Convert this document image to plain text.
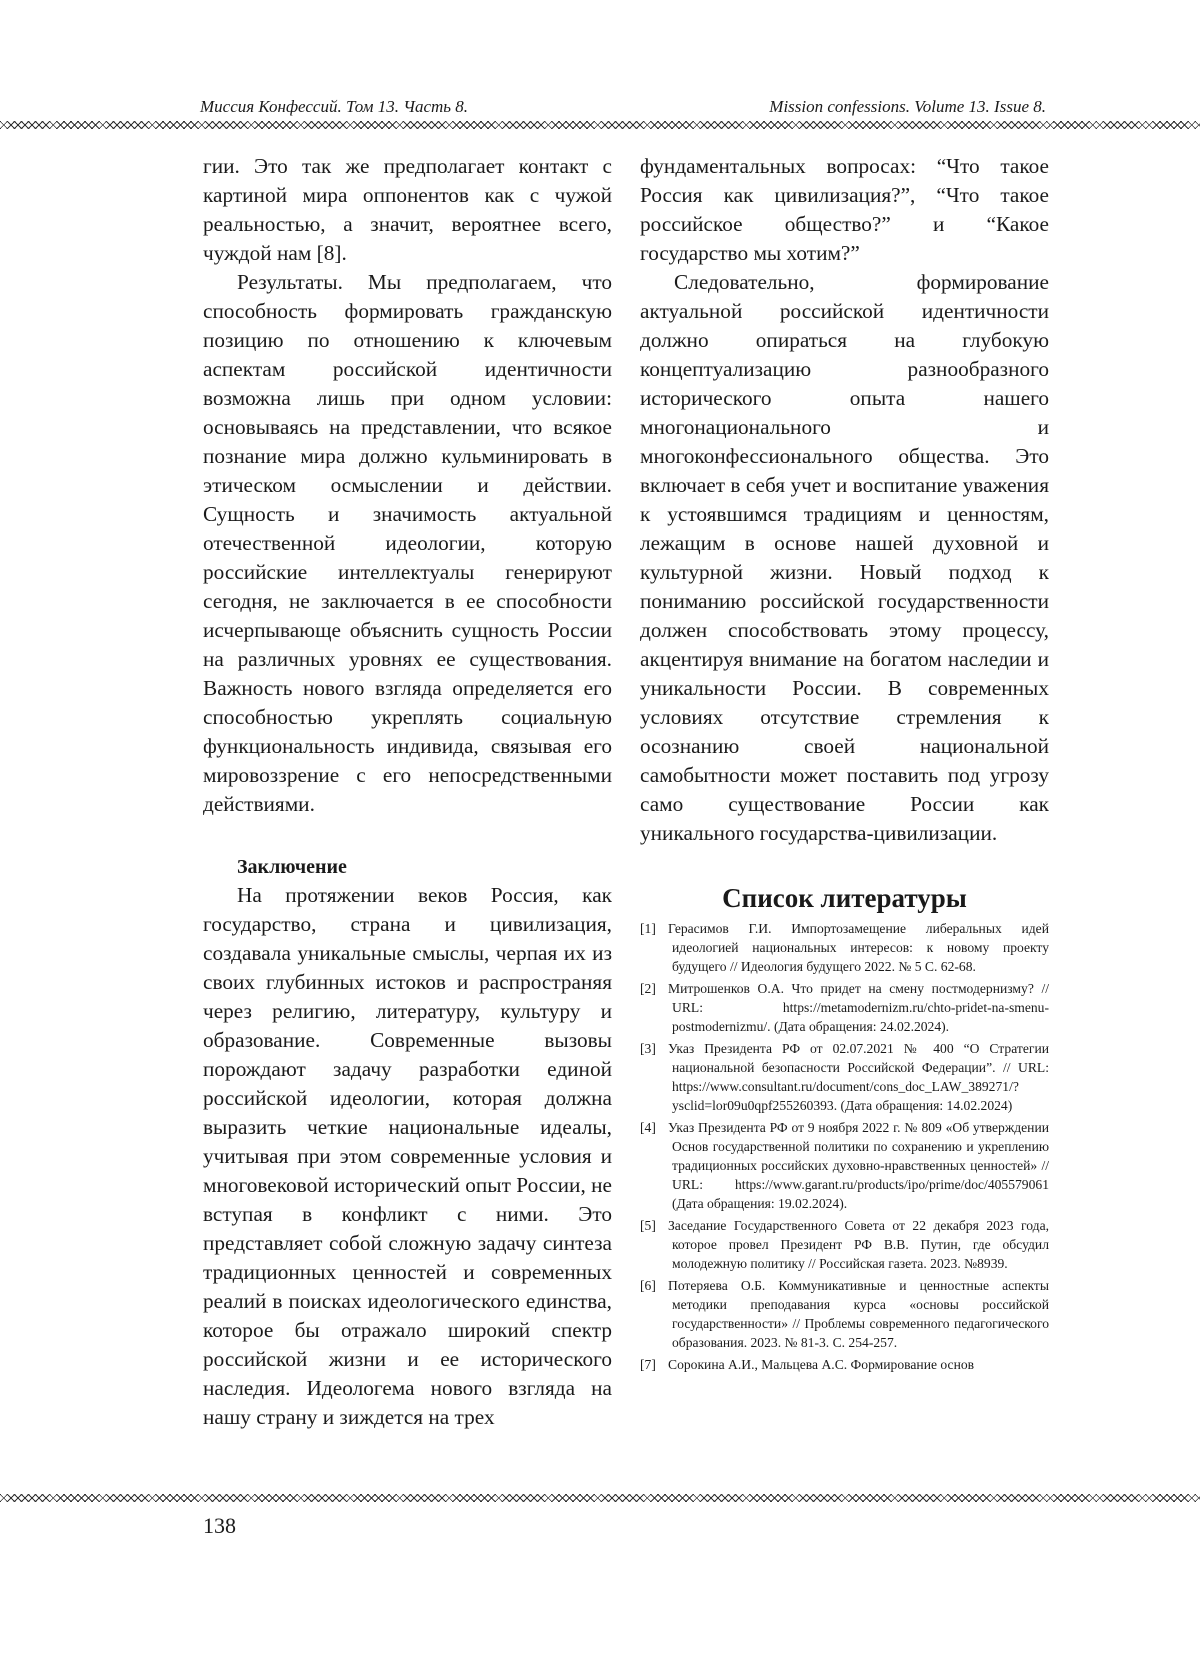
Миссия Конфессий. Том 13. Часть 8.	Mission confessions. Volume 13. Issue 8.

гии. Это так же предполагает контакт с картиной мира оппонентов как с чужой реальностью, а значит, вероятнее всего, чуждой нам [8].

Результаты. Мы предполагаем, что способность формировать гражданскую позицию по отношению к ключевым аспектам российской идентичности возможна лишь при одном условии: основываясь на представлении, что всякое познание мира должно кульминировать в этическом осмыслении и действии. Сущность и значимость актуальной отечественной идеологии, которую российские интеллектуалы генерируют сегодня, не заключается в ее способности исчерпывающе объяснить сущность России на различных уровнях ее существования. Важность нового взгляда определяется его способностью укреплять социальную функциональность индивида, связывая его мировоззрение с его непосредственными действиями.

Заключение

На протяжении веков Россия, как государство, страна и цивилизация, создавала уникальные смыслы, черпая их из своих глубинных истоков и распространяя через религию, литературу, культуру и образование. Современные вызовы порождают задачу разработки единой российской идеологии, которая должна выразить четкие национальные идеалы, учитывая при этом современные условия и многовековой исторический опыт России, не вступая в конфликт с ними. Это представляет собой сложную задачу синтеза традиционных ценностей и современных реалий в поисках идеологического единства, которое бы отражало широкий спектр российской жизни и ее исторического наследия. Идеологема нового взгляда на нашу страну и зиждется на трех

фундаментальных вопросах: “Что такое Россия как цивилизация?”, “Что такое российское общество?” и “Какое государство мы хотим?”

Следовательно, формирование актуальной российской идентичности должно опираться на глубокую концептуализацию разнообразного исторического опыта нашего многонационального и многоконфессионального общества. Это включает в себя учет и воспитание уважения к устоявшимся традициям и ценностям, лежащим в основе нашей духовной и культурной жизни. Новый подход к пониманию российской государственности должен способствовать этому процессу, акцентируя внимание на богатом наследии и уникальности России. В современных условиях отсутствие стремления к осознанию своей национальной самобытности может поставить под угрозу само существование России как уникального государства-цивилизации.

Список литературы
[1] Герасимов Г.И. Импортозамещение либеральных идей идеологией национальных интересов: к новому проекту будущего // Идеология будущего 2022. № 5 С. 62-68.
[2] Митрошенков О.А. Что придет на смену постмодернизму? // URL: https://metamodernizm.ru/chto-pridet-na-smenu-postmodernizmu/. (Дата обращения: 24.02.2024).
[3] Указ Президента РФ от 02.07.2021 № 400 “О Стратегии национальной безопасности Российской Федерации”. // URL: https://www.consultant.ru/document/cons_doc_LAW_389271/?ysclid=lor09u0qpf255260393. (Дата обращения: 14.02.2024)
[4] Указ Президента РФ от 9 ноября 2022 г. № 809 «Об утверждении Основ государственной политики по сохранению и укреплению традиционных российских духовно-нравственных ценностей» // URL: https://www.garant.ru/products/ipo/prime/doc/405579061 (Дата обращения: 19.02.2024).
[5] Заседание Государственного Совета от 22 декабря 2023 года, которое провел Президент РФ В.В. Путин, где обсудил молодежную политику // Российская газета. 2023. №8939.
[6] Потеряева О.Б. Коммуникативные и ценностные аспекты методики преподавания курса «основы российской государственности» // Проблемы современного педагогического образования. 2023. № 81-3. С. 254-257.
[7] Сорокина А.И., Мальцева А.С. Формирование основ
138
